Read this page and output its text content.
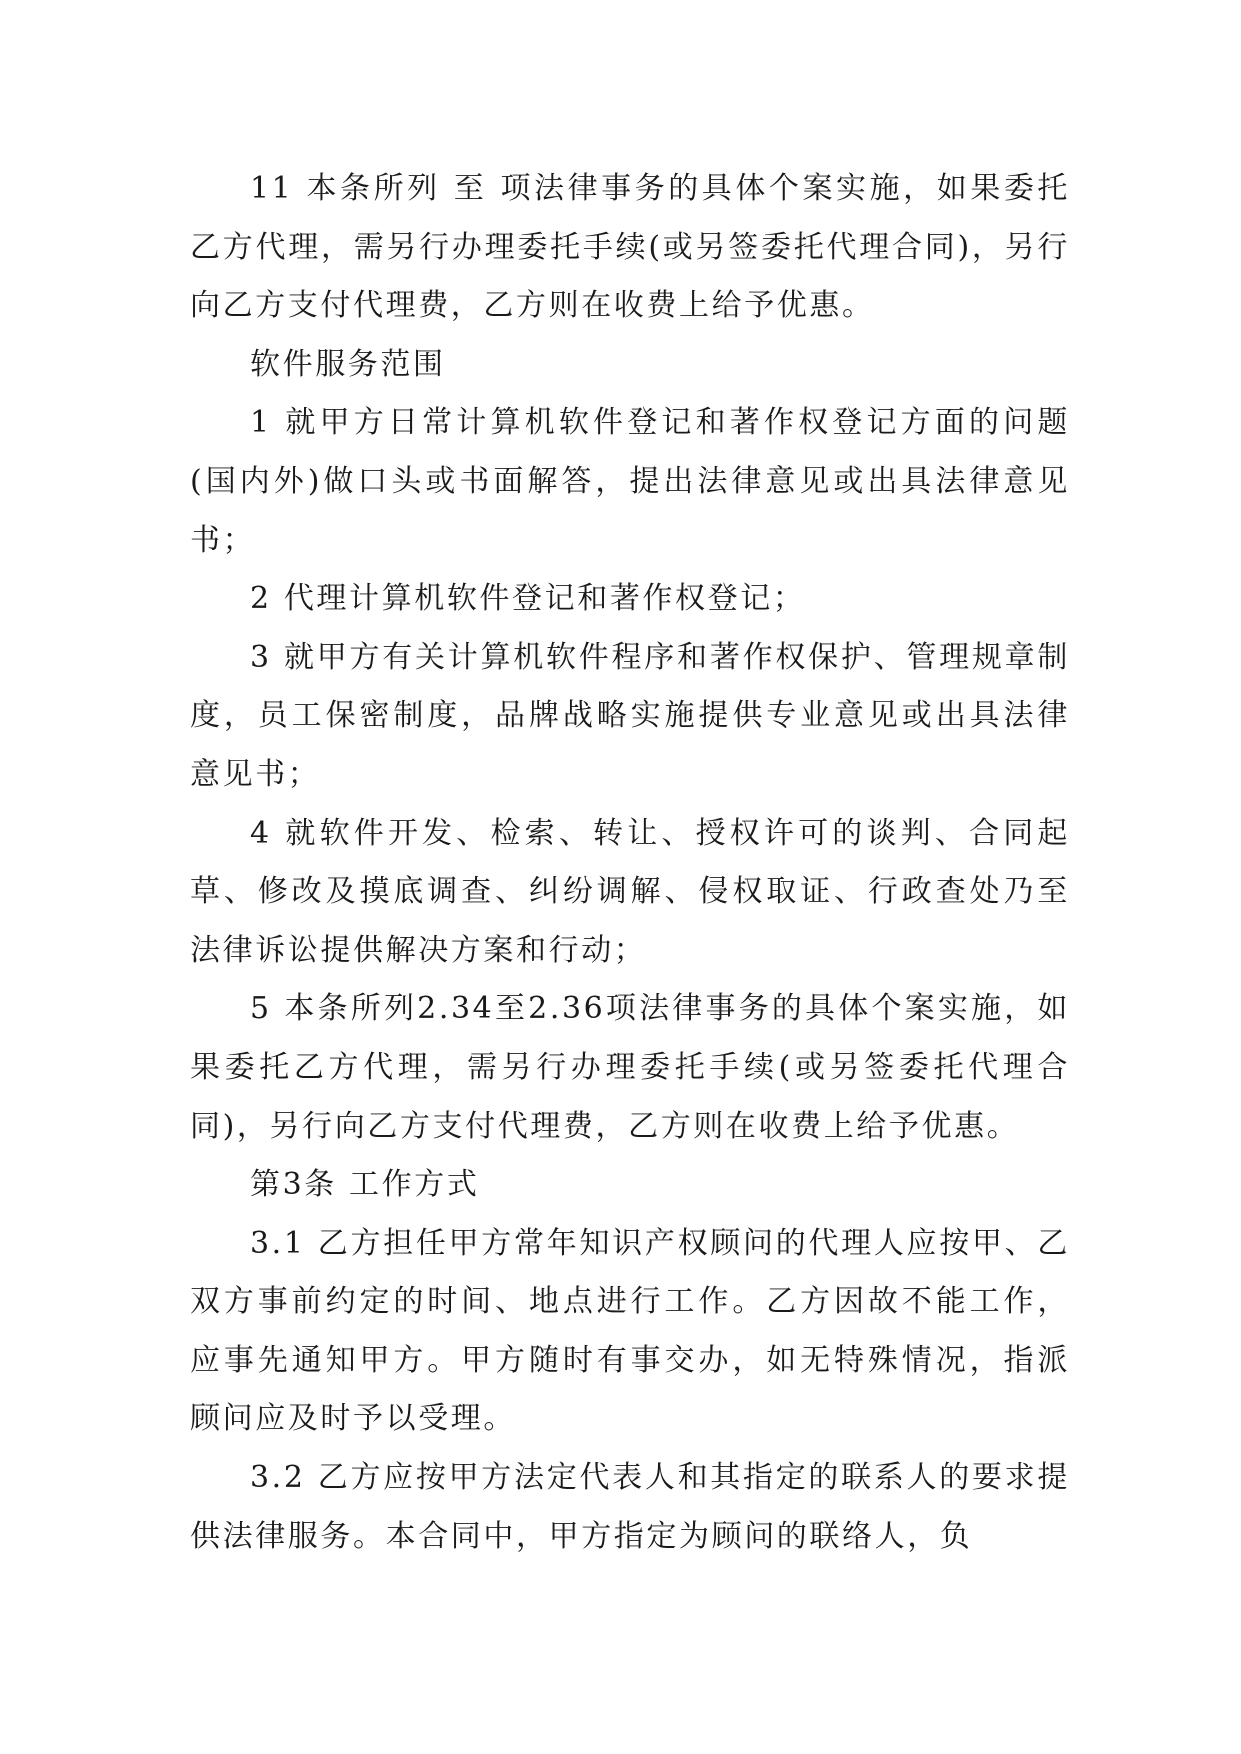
11 本条所列 至 项法律事务的具体个案实施，如果委托乙方代理，需另行办理委托手续(或另签委托代理合同)，另行向乙方支付代理费，乙方则在收费上给予优惠。

软件服务范围

1 就甲方日常计算机软件登记和著作权登记方面的问题(国内外)做口头或书面解答，提出法律意见或出具法律意见书；

2 代理计算机软件登记和著作权登记；

3 就甲方有关计算机软件程序和著作权保护、管理规章制度，员工保密制度，品牌战略实施提供专业意见或出具法律意见书；

4 就软件开发、检索、转让、授权许可的谈判、合同起草、修改及摸底调查、纠纷调解、侵权取证、行政查处乃至法律诉讼提供解决方案和行动；

5 本条所列2.34至2.36项法律事务的具体个案实施，如果委托乙方代理，需另行办理委托手续(或另签委托代理合同)，另行向乙方支付代理费，乙方则在收费上给予优惠。

第3条 工作方式

3.1 乙方担任甲方常年知识产权顾问的代理人应按甲、乙双方事前约定的时间、地点进行工作。乙方因故不能工作，应事先通知甲方。甲方随时有事交办，如无特殊情况，指派顾问应及时予以受理。

3.2 乙方应按甲方法定代表人和其指定的联系人的要求提供法律服务。本合同中，甲方指定为顾问的联络人，负
